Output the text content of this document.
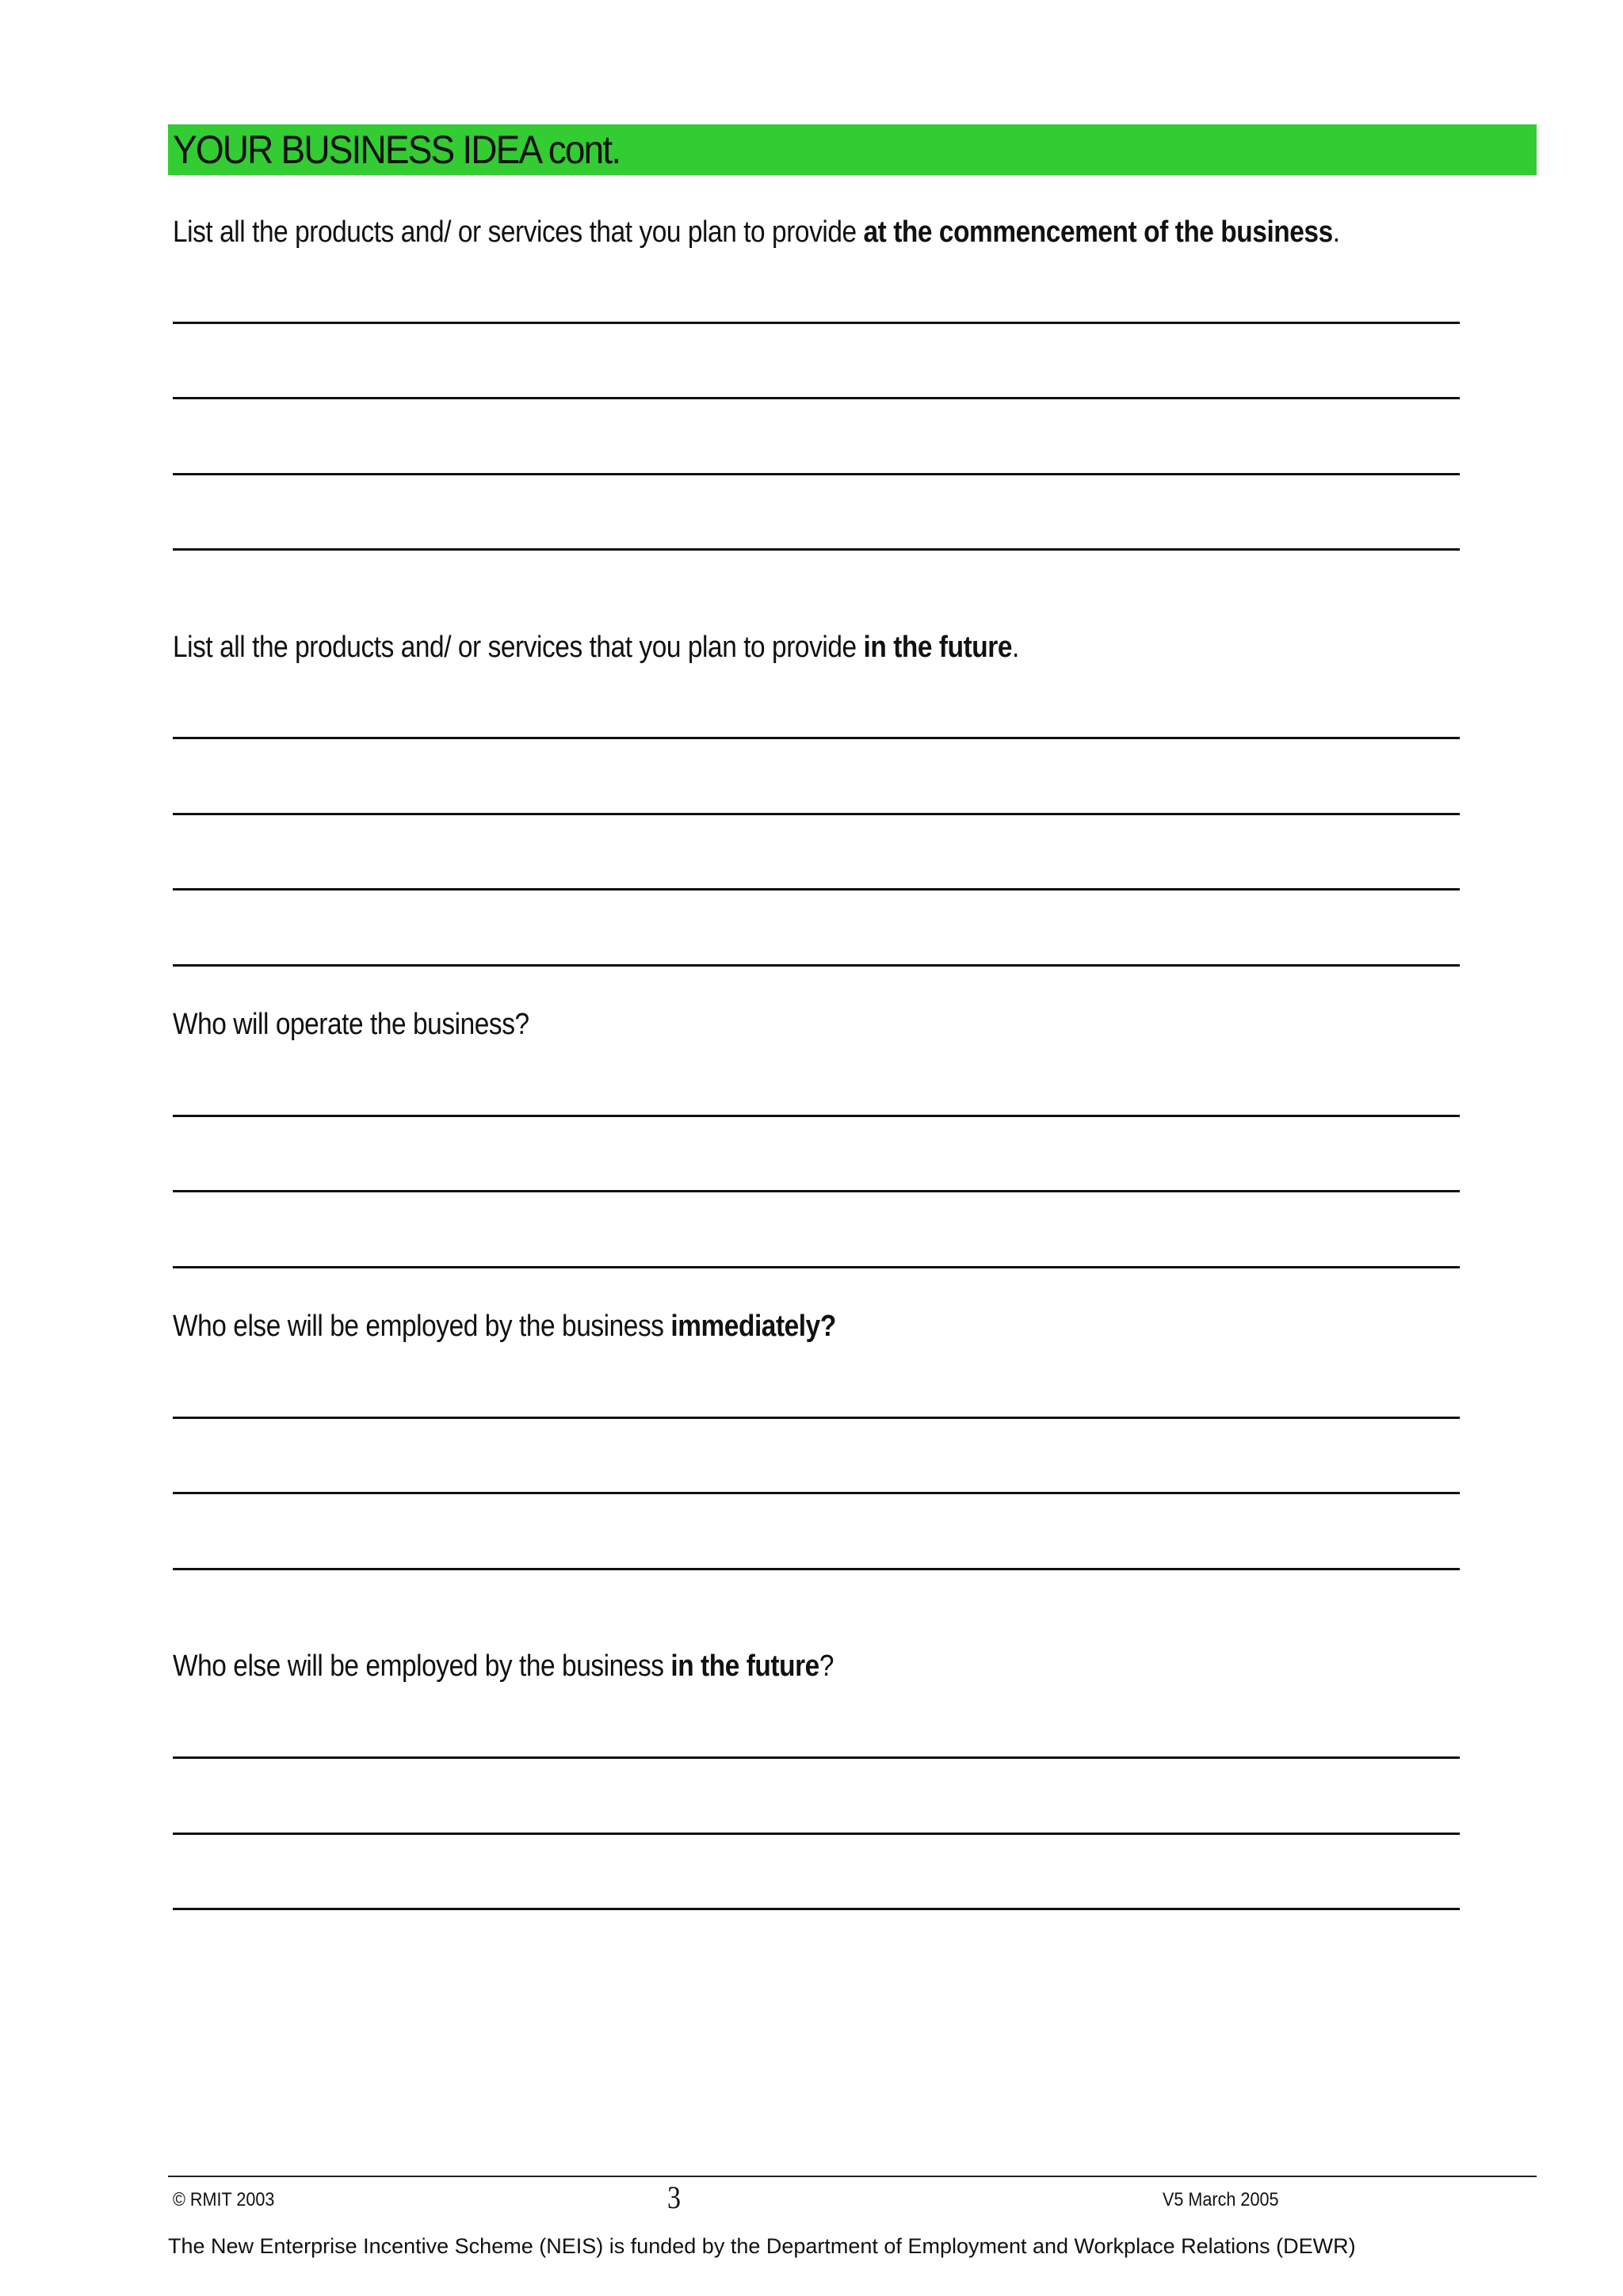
YOUR BUSINESS IDEA cont.
List all the products and/ or services that you plan to provide at the commencement of the business.
List all the products and/ or services that you plan to provide in the future.
Who will operate the business?
Who else will be employed by the business immediately?
Who else will be employed by the business in the future?
© RMIT 2003	3	V5 March 2005
The New Enterprise Incentive Scheme (NEIS) is funded by the Department of Employment and Workplace Relations (DEWR)
